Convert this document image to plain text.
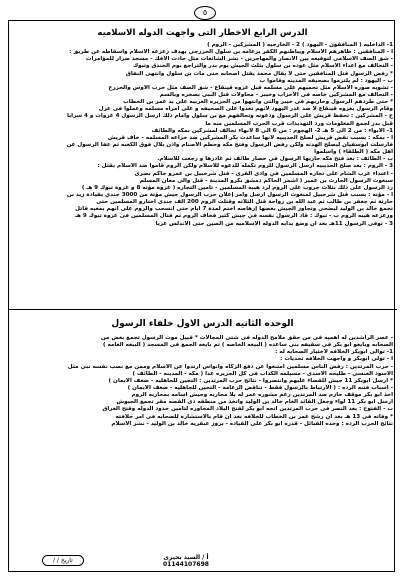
٥
الدرس الرابع الاخطار التى واجهت الدوله الاسلاميه
1- الداخليه ( المنافقون - اليهود ) 2 - الخارجيه ( المشركين - الروم )
أ - المنافقين : ظاهرهم الاسلام ويباطنهم الكفر بزعامه بن سلول الخزرجى بهدف زعزعه الاسلام واسقاطه عن طريق :
- شق الصف الاسلامى لتوقيعه بين الانصار والمهاجرين - نشر الشائعات مثل حادث الافك - مسجد ضرار للمؤامرات
- التحالف مع اعداء الاسلام مثل عوده بن سلول بثلث الجيش يوم بدر والتراجع يوم الخندق وتبوك
* رفض الرسول قتل المنافقين حتى لا يقال محمد يقتل اصحابه حتى مات بن سلول وانتهى النفاق
ب - اليهود : لم يلتزموا بصحيفه المدينه وقاموا ب
- تشويه صوره الاسلام مثل تحميهم على مسلمه قبل غزوه قينقاع - شق الصف مثل حرب الاوس والخزرج
- التحالف مع المشركين خاصه فى الاحزاب وخيبر - محاولات قتل النبى بصخره وبالسم
* حتى طردهم الرسول وحاربهم فى خيبر والتى وانتهوا من الجزيره العربيه على يد عمر بن الخطاب
وقام الرسول بغزوه قينقاع لا ضد غدر اليهود لانهم تعدوا على الصحيفه و على امراه مسلمه وعملوا فى عزل
ج - المشركين : تحفظ قريش على الرسول ودعوته وتحالفهم مع بن سلول وامام ذلك ارسل الرسول 4 غزوات و 4 سرايا
قبل بدر لجمع المعلومات ورد التهديدات قرب الحرب المسلمين منه ما
1- الأبواء : من 2 الى 5 هـ 2- الهجوم : من 6 الى 8 لانهاء تحالف لمشركين بمكه والطائف
أ - بمكه : بسبب نقض قريش لصلح الحديبيه لانها ساعدت بكر المشركين ضد خزاعه المسلمه - خاف قريش
فارسلت ابوسفيان ليصلح الهدنه ولكن رفض الرسول وفتح مكه وحطم الاصنام واذن بلال فوق الكعبه ثم عفا الرسول عن
اهل مكه ( الطلقاء ) واسلموا
ب - الطائف : بعد فتح مكه حاربها الرسول في حصار طائف ثم غادرها و رجعت للاسلام.
3 - الروم : بعد صلح الحديبيه ارسل الرسول للروم تكمله للدعوه للاسلام ولكن الروم قاموا ضد الاسلام بقتل :
- اعتداء عرب الشام على تجاره المسلمين في وادى القرى - قتل شرحبيل بن عمرو حاكم بصرى
سبعوث الرسول الحارث بن عمير ( اشمر الحاكم دمشق بكرو المدينة - قتل والى معان المسلم
رد الرسول على ذلك بثلاث حروب على الروم لرد هيبه المسلمين - تأمين التجاره ( غزوة مؤته 8 و غزوة تبوك 9 هـ )
أ - مؤته : بسبب قتل شرحبيل لمبعوث الرسول أرسل وأمر إعلان حرب الرسول جيش مؤتة من 3000 جندي بقيادة زيد بن
حارثة ثم جعفر بن طالب ثم عبد الله بن رواحة قتل الثلاثه وقتلت الروم 200 الف جندى اختارو المسلمين حتى
تجمع خالد بن الوليد ليضحى وتجاوز الجيش بعضها إرهاصه اختم لمدة 7 ايام حتى انسحب والروم على أنهم بمعيه قاتل
وزعزعه هيبه الروم ب - تبوك : قاد الرسول نفسه في جيش كثير فخاف الروم ثم قتال المسلمين فى غزوة تبوك 9 هـ
3 - توفى الرسول 11هـ بعد ان وضع بدايه الدوله الاسلاميه من الصين حتى الاندلس غربا
الوحده الثانيه الدرس الاول خلفاء الرسول
- عصر الراشدين له اهميه فى من حقق ملامح الدوله فى شتى المجالات * قبيل موت الرسول تجمع بعض من
الصحابه وبايعو ابو بكر فى سقيفه بنى ساعده ( البيعه الخاصه ) ثم بايعه الجمع فى المسجد ( البيعه العامه )
1- توالى ابوبكر الخلافه لاختيار الصحابه له :
أ - تولى ابوبكر و واجهت الخلافه تحديات :
- حرب المرتدين : رفض الناس مسلمين امتنعوا عن دفع الزكاه وانواس ارتدوا عن الاسلام وممن مع نصب نفسه نبى مثل
الاسود العنسى - طليحه الاسدى - مسيلمه الكذاب فى كل الجزيره عدا ( مكه - المدينه - الطائف )
* ارسل ابوبكر 11 جيش للقضاء عليهم وانتصروا - نتائج حرب المرتدين : التحين للجاهليه - ضعف الايمان )
- اسباب فتنه الرده : ( الارتباط بالرسول فقط - تناقض الزعامه - التحين للجاهليه - ضعف الايمان )
اخذ ابو بكر موقف حازم ضد المرتدين رغم مشوره عمر له بلا محاربه وجيش اسامه بمحاربه الروم
ارسل ابو بكر 11 لواء وجعل القائد العام خالد بن الوليد واتخذ من منطقه ذى القصه مقر تجمع الجيوش
ب - الفتوح : بعد النصر فى حرب المرتدين اتجه ابو بكر لفتح البلاد المجاوره لتأمين حدود الدوله وفتح العراق
* وفاته فى 13 هـ بعد ان رشح عمر بن الخطاب للخلافه بعد ان قام بالاستشاره للصحابه فى امر خلافته
نتائج الحرب الرده : وحده القبائل - قدره ابو بكر على القياده - بروز عبقريه خالد بن الوليد - نشر الاسلام
تاريخ / /	أ / السيد بحيرى
01144107698
